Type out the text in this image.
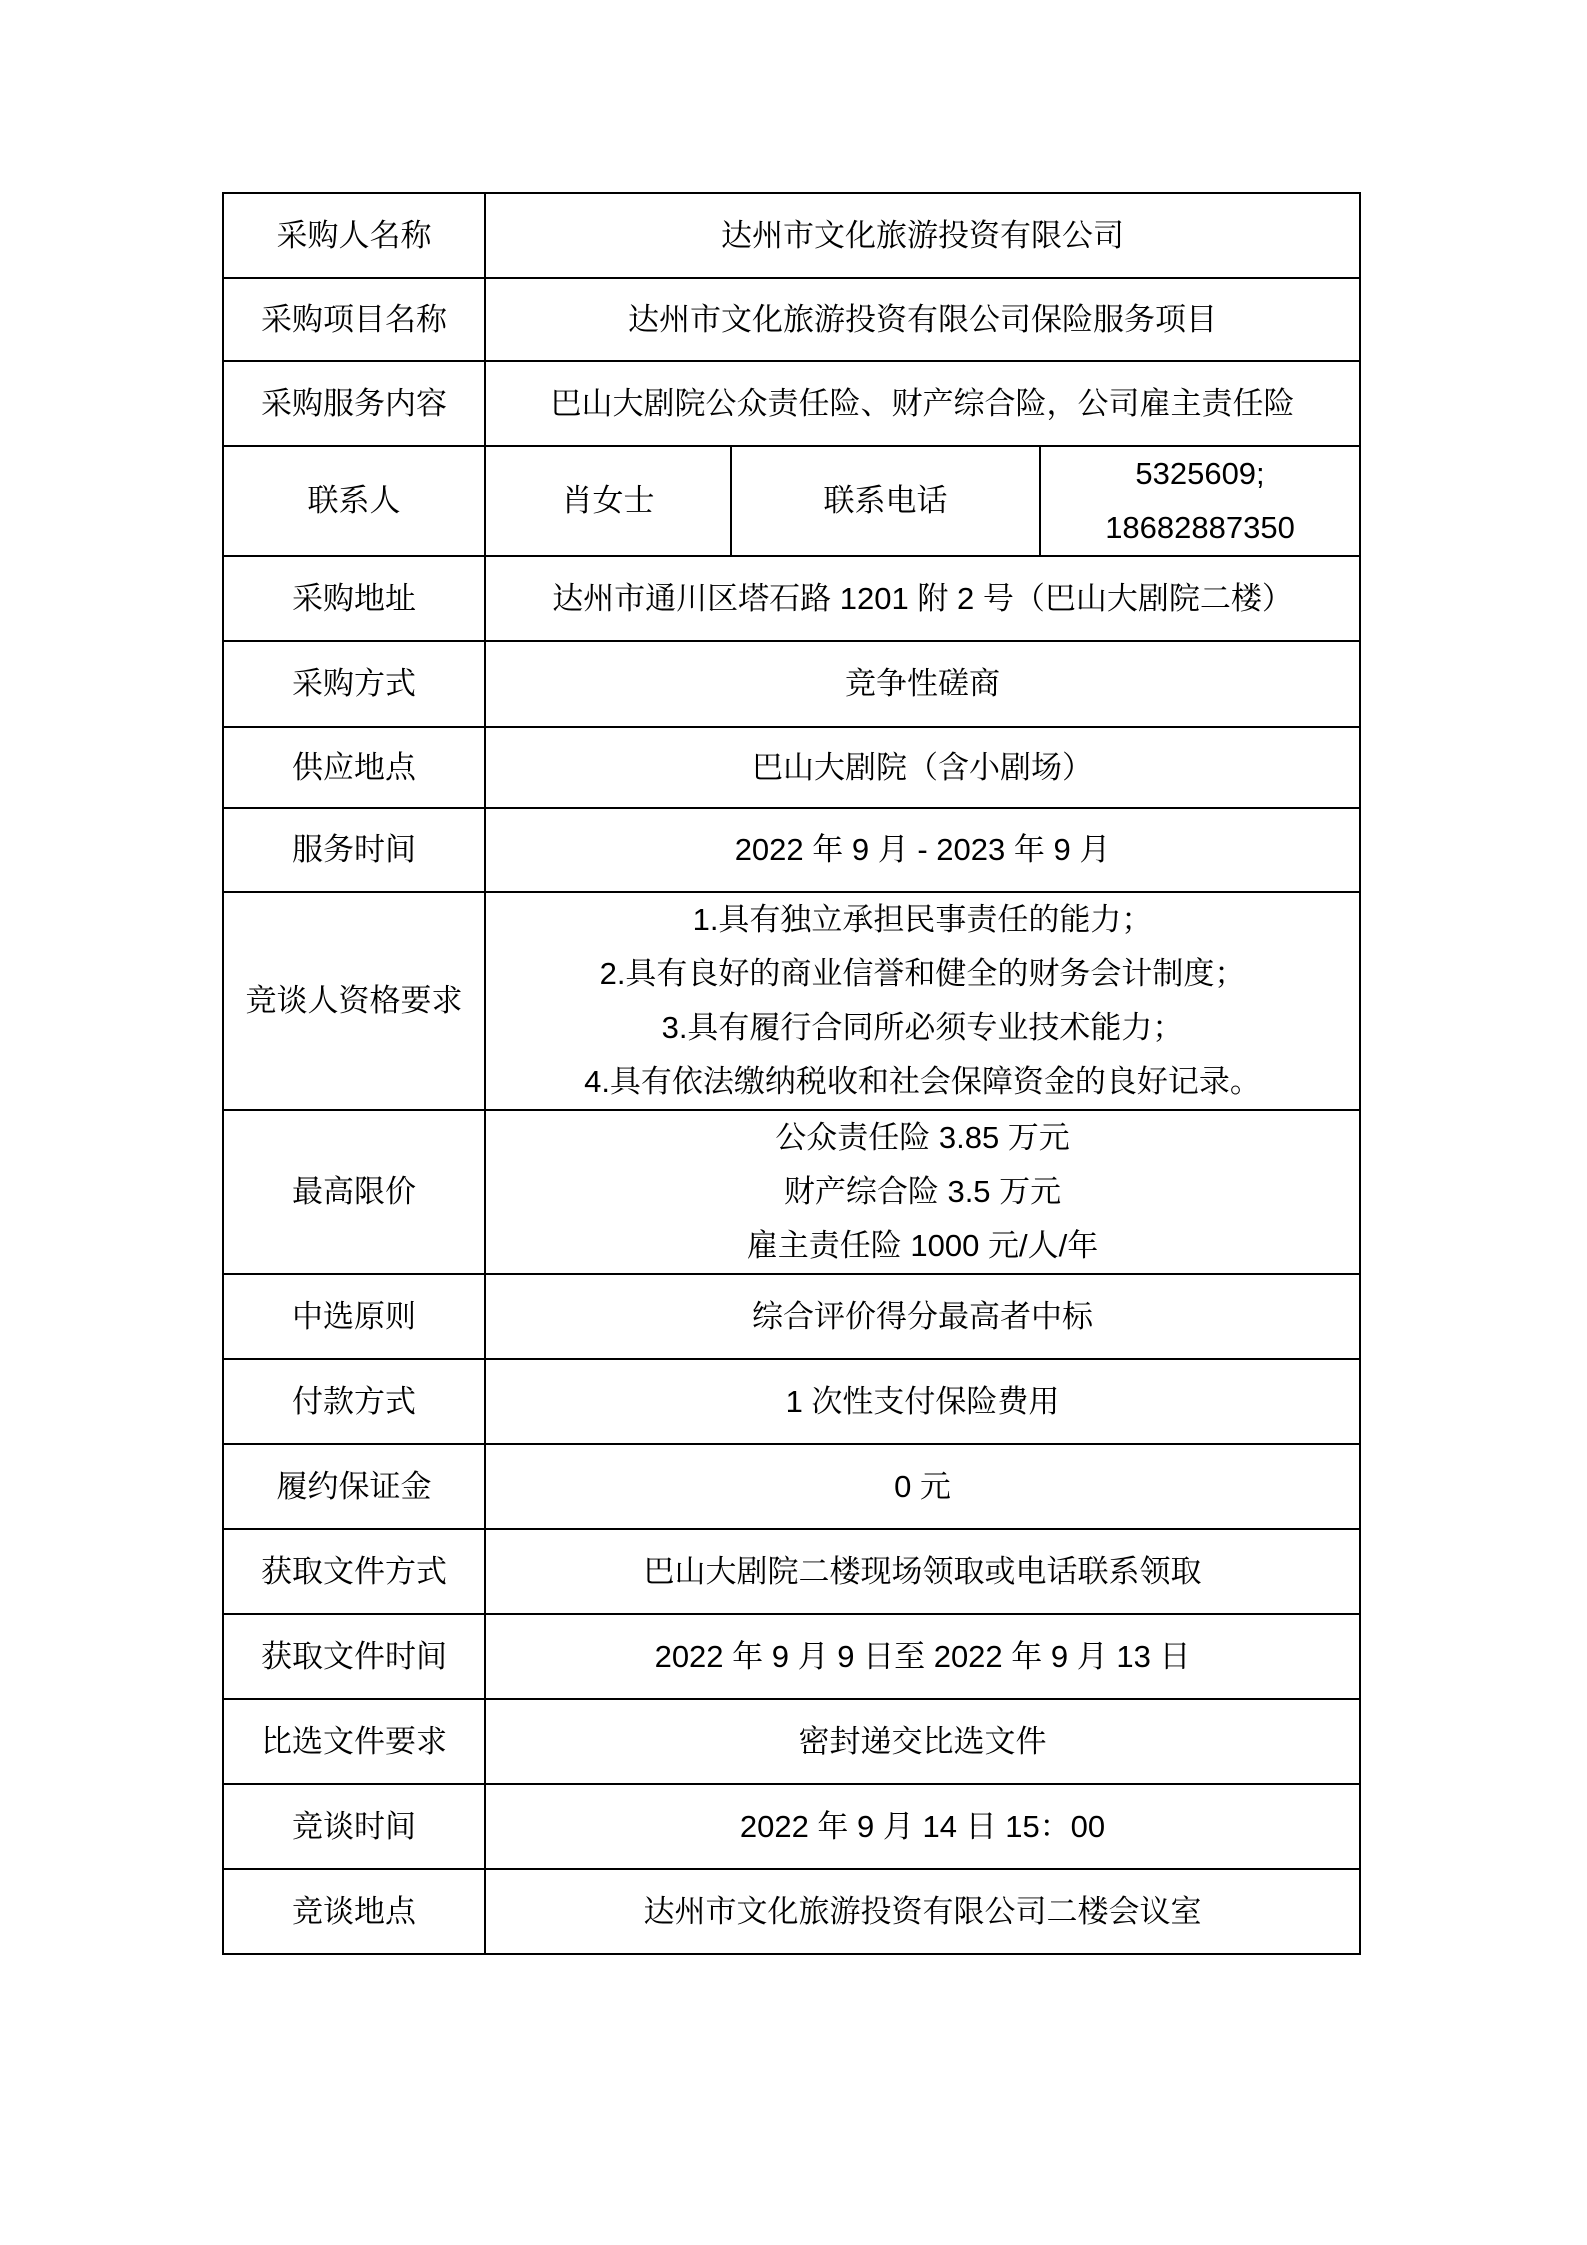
采购人名称	达州市文化旅游投资有限公司		
采购项目名称	达州市文化旅游投资有限公司保险服务项目		
采购服务内容	巴山大剧院公众责任险、财产综合险，公司雇主责任险		
联系人	肖女士	联系电话	5325609;
18682887350

采购地址	达州市通川区塔石路 1201 附 2 号（巴山大剧院二楼）		
采购方式	竞争性磋商		
供应地点	巴山大剧院（含小剧场）		
服务时间	2022 年 9 月 - 2023 年 9 月		
竞谈人资格要求	1.具有独立承担民事责任的能力；
2.具有良好的商业信誉和健全的财务会计制度；
3.具有履行合同所必须专业技术能力；
4.具有依法缴纳税收和社会保障资金的良好记录。		

最高限价	公众责任险 3.85 万元
财产综合险 3.5 万元
雇主责任险 1000 元/人/年		

中选原则	综合评价得分最高者中标		
付款方式	1 次性支付保险费用		
履约保证金	0 元		
获取文件方式	巴山大剧院二楼现场领取或电话联系领取		
获取文件时间	2022 年 9 月 9 日至 2022 年 9 月 13 日		
比选文件要求	密封递交比选文件		
竞谈时间	2022 年 9 月 14 日 15：00		
竞谈地点	达州市文化旅游投资有限公司二楼会议室		
